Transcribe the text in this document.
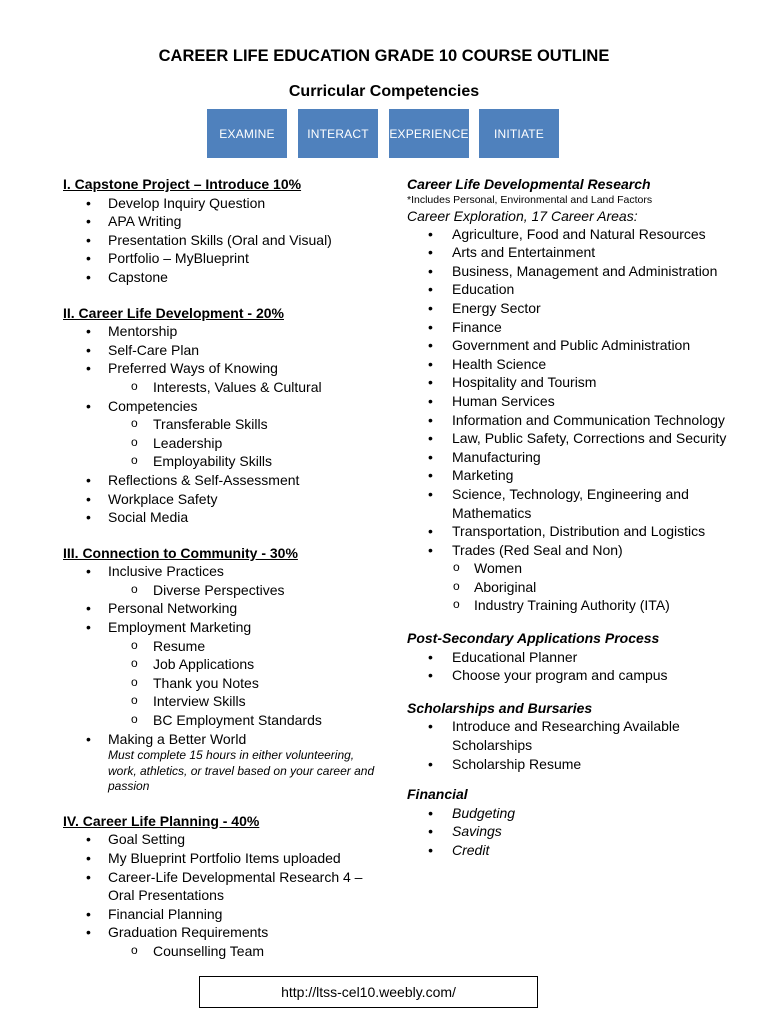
CAREER LIFE EDUCATION GRADE 10 COURSE OUTLINE
Curricular Competencies
EXAMINE	INTERACT	EXPERIENCE	INITIATE
I. Capstone Project – Introduce 10%
• Develop Inquiry Question
• APA Writing
• Presentation Skills (Oral and Visual)
• Portfolio – MyBlueprint
• Capstone
II. Career Life Development - 20%
• Mentorship
• Self-Care Plan
• Preferred Ways of Knowing
o Interests, Values & Cultural
• Competencies
o Transferable Skills
o Leadership
o Employability Skills
• Reflections & Self-Assessment
• Workplace Safety
• Social Media
III. Connection to Community - 30%
• Inclusive Practices
o Diverse Perspectives
• Personal Networking
• Employment Marketing
o Resume
o Job Applications
o Thank you Notes
o Interview Skills
o BC Employment Standards
• Making a Better World
Must complete 15 hours in either volunteering, work, athletics, or travel based on your career and passion
IV. Career Life Planning - 40%
• Goal Setting
• My Blueprint Portfolio Items uploaded
• Career-Life Developmental Research 4 – Oral Presentations
• Financial Planning
• Graduation Requirements
o Counselling Team
Career Life Developmental Research
*Includes Personal, Environmental and Land Factors
Career Exploration, 17 Career Areas:
• Agriculture, Food and Natural Resources
• Arts and Entertainment
• Business, Management and Administration
• Education
• Energy Sector
• Finance
• Government and Public Administration
• Health Science
• Hospitality and Tourism
• Human Services
• Information and Communication Technology
• Law, Public Safety, Corrections and Security
• Manufacturing
• Marketing
• Science, Technology, Engineering and Mathematics
• Transportation, Distribution and Logistics
• Trades (Red Seal and Non)
o Women
o Aboriginal
o Industry Training Authority (ITA)
Post-Secondary Applications Process
• Educational Planner
• Choose your program and campus
Scholarships and Bursaries
• Introduce and Researching Available Scholarships
• Scholarship Resume
Financial
• Budgeting
• Savings
• Credit
http://ltss-cel10.weebly.com/
